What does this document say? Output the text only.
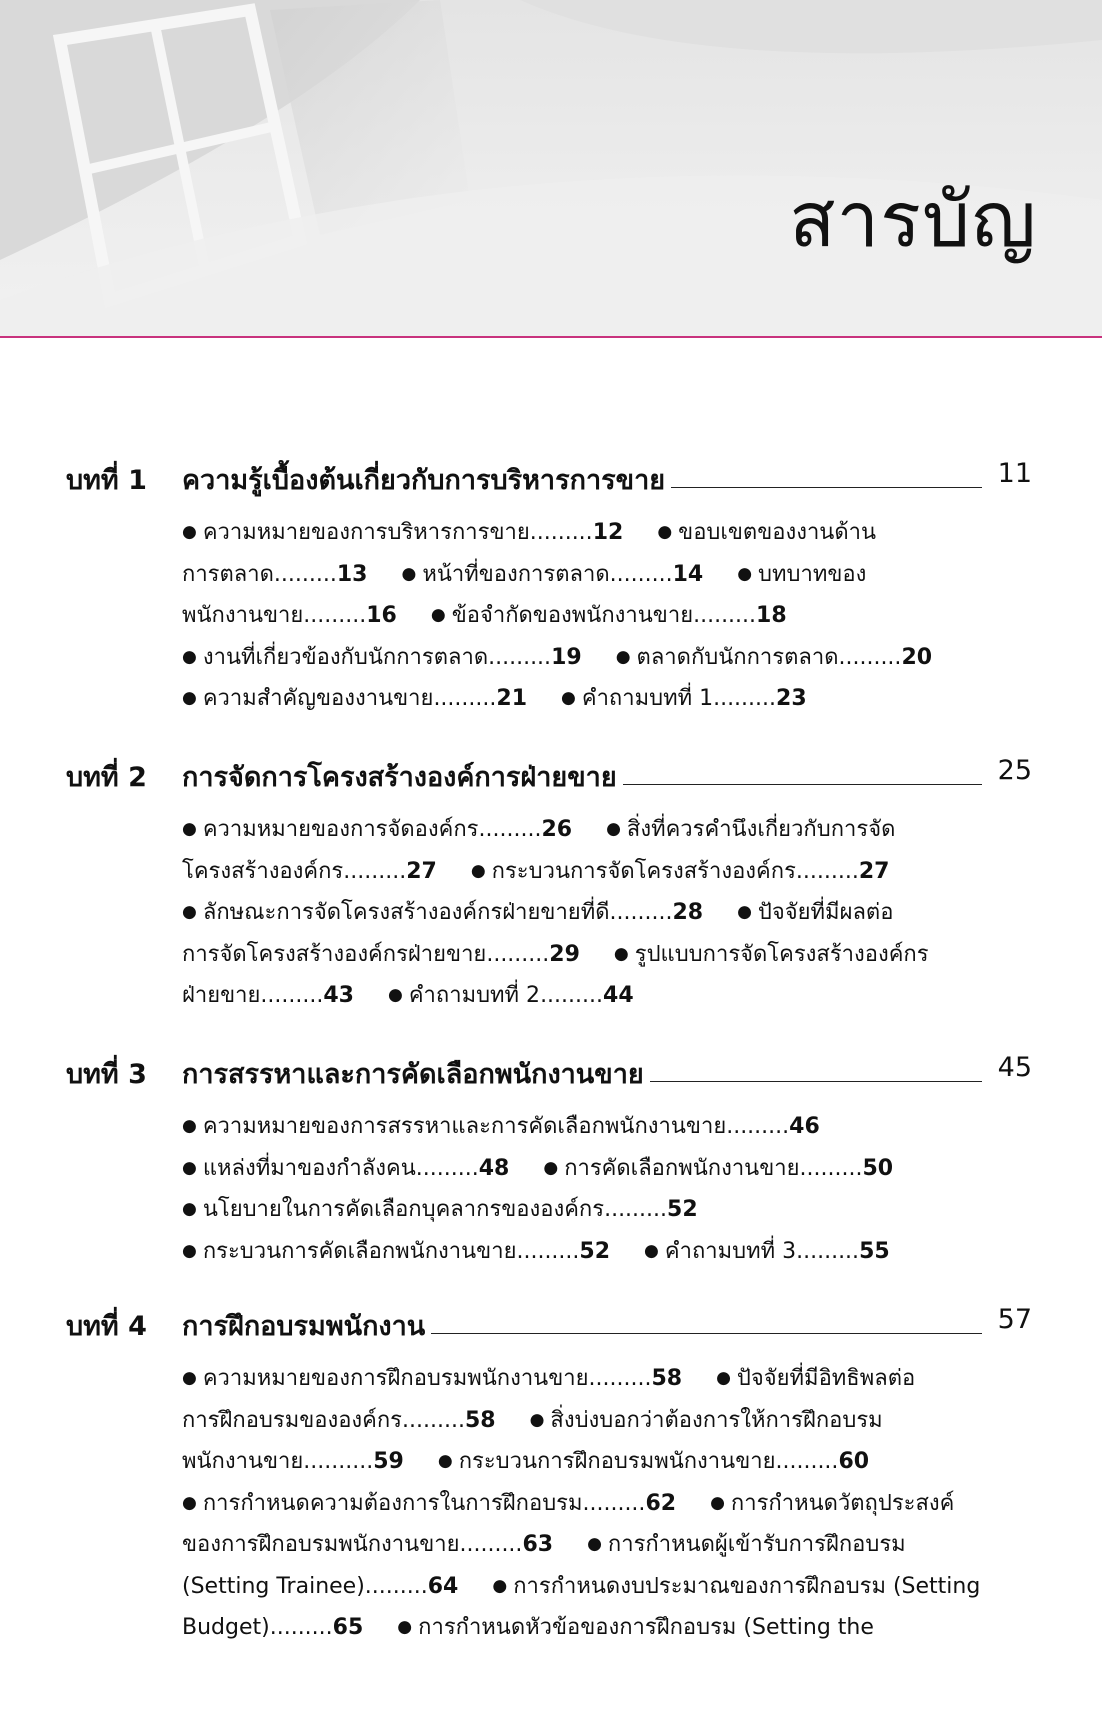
สารบัญ
บทที่ 1 ความรู้เบื้องต้นเกี่ยวกับการบริหารการขาย	11
● ความหมายของการบริหารการขาย.........12 ● ขอบเขตของงานด้าน
การตลาด.........13 ● หน้าที่ของการตลาด.........14 ● บทบาทของ
พนักงานขาย.........16 ● ข้อจำกัดของพนักงานขาย.........18
● งานที่เกี่ยวข้องกับนักการตลาด.........19 ● ตลาดกับนักการตลาด.........20
● ความสำคัญของงานขาย.........21 ● คำถามบทที่ 1.........23
บทที่ 2 การจัดการโครงสร้างองค์การฝ่ายขาย	25
● ความหมายของการจัดองค์กร.........26 ● สิ่งที่ควรคำนึงเกี่ยวกับการจัด
โครงสร้างองค์กร.........27 ● กระบวนการจัดโครงสร้างองค์กร.........27
● ลักษณะการจัดโครงสร้างองค์กรฝ่ายขายที่ดี.........28 ● ปัจจัยที่มีผลต่อ
การจัดโครงสร้างองค์กรฝ่ายขาย.........29 ● รูปแบบการจัดโครงสร้างองค์กร
ฝ่ายขาย.........43 ● คำถามบทที่ 2.........44
บทที่ 3 การสรรหาและการคัดเลือกพนักงานขาย	45
● ความหมายของการสรรหาและการคัดเลือกพนักงานขาย.........46
● แหล่งที่มาของกำลังคน.........48 ● การคัดเลือกพนักงานขาย.........50
● นโยบายในการคัดเลือกบุคลากรขององค์กร.........52
● กระบวนการคัดเลือกพนักงานขาย.........52 ● คำถามบทที่ 3.........55
บทที่ 4 การฝึกอบรมพนักงาน	57
● ความหมายของการฝึกอบรมพนักงานขาย.........58 ● ปัจจัยที่มีอิทธิพลต่อ
การฝึกอบรมขององค์กร.........58 ● สิ่งบ่งบอกว่าต้องการให้การฝึกอบรม
พนักงานขาย..........59 ● กระบวนการฝึกอบรมพนักงานขาย.........60
● การกำหนดความต้องการในการฝึกอบรม.........62 ● การกำหนดวัตถุประสงค์
ของการฝึกอบรมพนักงานขาย.........63 ● การกำหนดผู้เข้ารับการฝึกอบรม
(Setting Trainee).........64 ● การกำหนดงบประมาณของการฝึกอบรม (Setting
Budget).........65 ● การกำหนดหัวข้อของการฝึกอบรม (Setting the
